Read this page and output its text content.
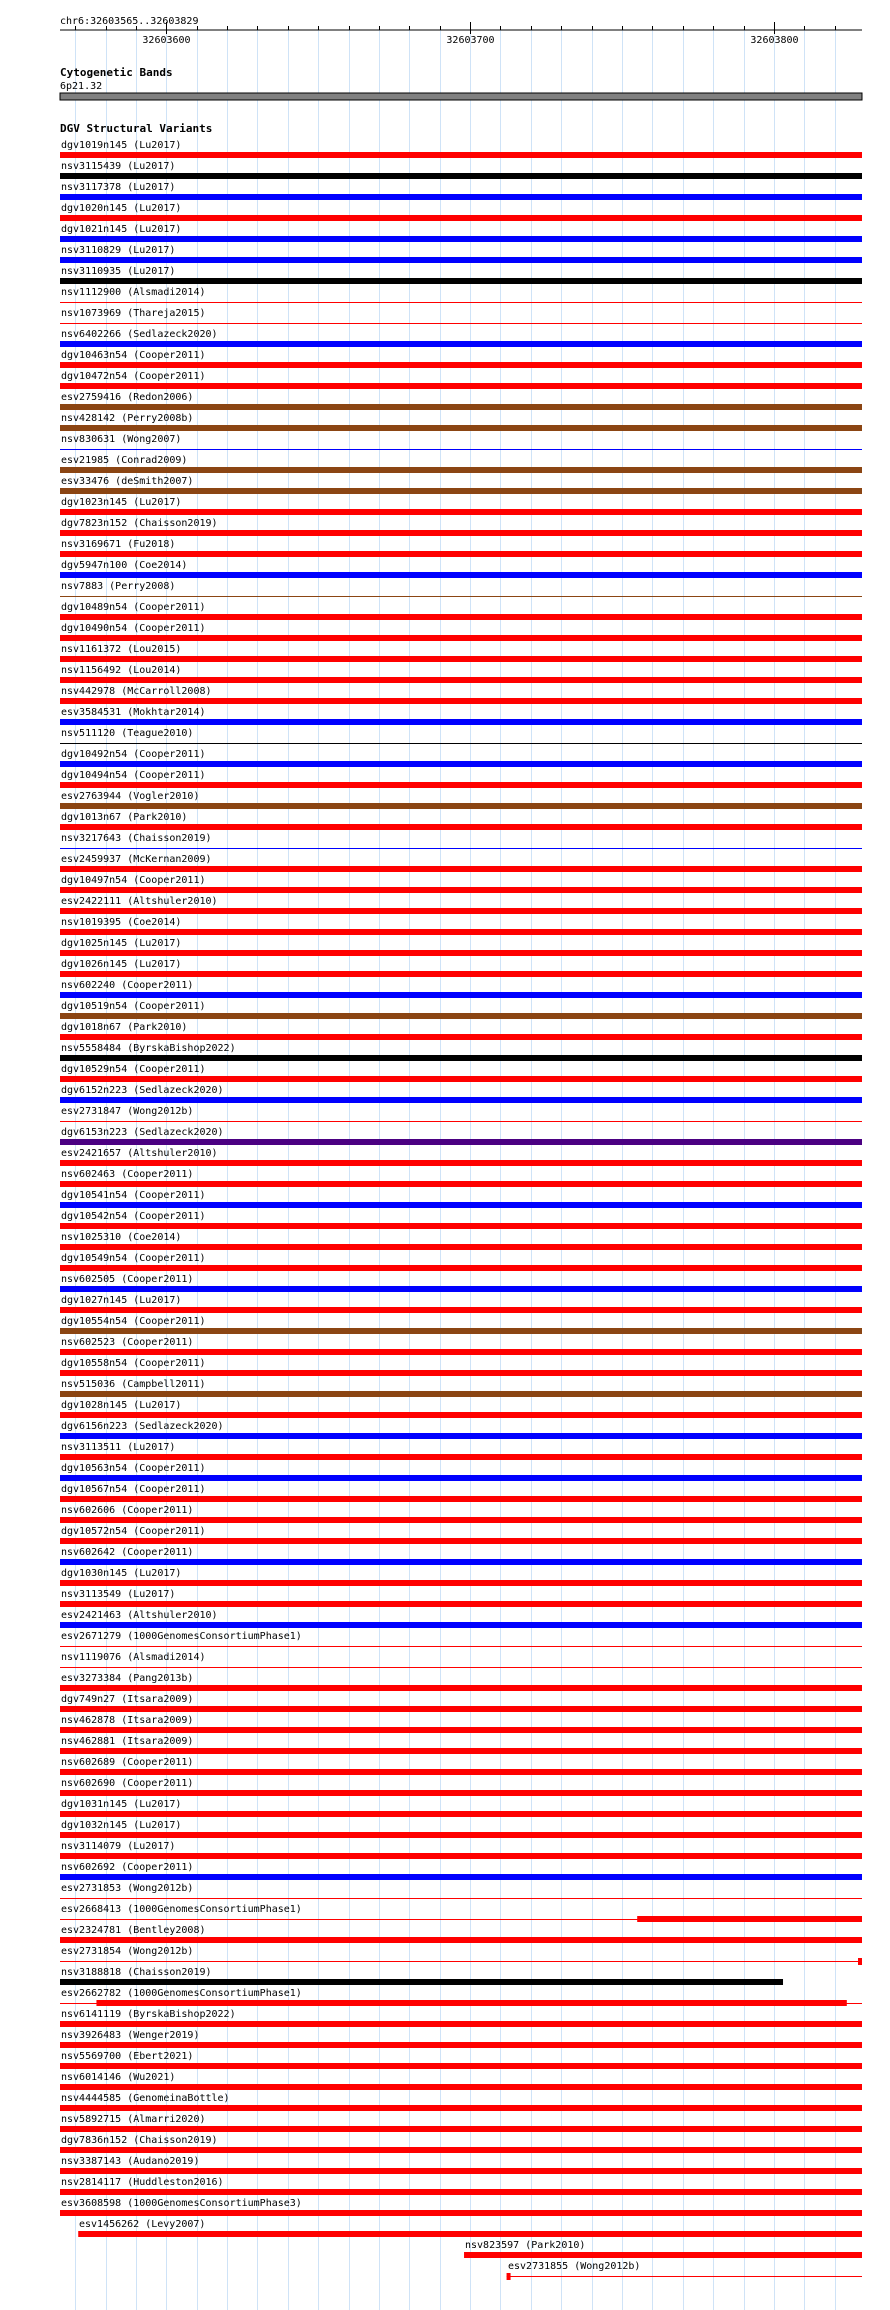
chr6:32603565..32603829
32603600	32603700	32603800
Cytogenetic Bands
6p21.32
DGV Structural Variants
dgv1019n145 (Lu2017)
nsv3115439 (Lu2017)
nsv3117378 (Lu2017)
dgv1020n145 (Lu2017)
dgv1021n145 (Lu2017)
nsv3110829 (Lu2017)
nsv3110935 (Lu2017)
nsv1112900 (Alsmadi2014)
nsv1073969 (Thareja2015)
nsv6402266 (Sedlazeck2020)
dgv10463n54 (Cooper2011)
dgv10472n54 (Cooper2011)
esv2759416 (Redon2006)
nsv428142 (Perry2008b)
nsv830631 (Wong2007)
esv21985 (Conrad2009)
esv33476 (deSmith2007)
dgv1023n145 (Lu2017)
dgv7823n152 (Chaisson2019)
nsv3169671 (Fu2018)
dgv5947n100 (Coe2014)
nsv7883 (Perry2008)
dgv10489n54 (Cooper2011)
dgv10490n54 (Cooper2011)
nsv1161372 (Lou2015)
nsv1156492 (Lou2014)
nsv442978 (McCarroll2008)
esv3584531 (Mokhtar2014)
nsv511120 (Teague2010)
dgv10492n54 (Cooper2011)
dgv10494n54 (Cooper2011)
esv2763944 (Vogler2010)
dgv1013n67 (Park2010)
nsv3217643 (Chaisson2019)
esv2459937 (McKernan2009)
dgv10497n54 (Cooper2011)
esv2422111 (Altshuler2010)
nsv1019395 (Coe2014)
dgv1025n145 (Lu2017)
dgv1026n145 (Lu2017)
nsv602240 (Cooper2011)
dgv10519n54 (Cooper2011)
dgv1018n67 (Park2010)
nsv5558484 (ByrskaBishop2022)
dgv10529n54 (Cooper2011)
dgv6152n223 (Sedlazeck2020)
esv2731847 (Wong2012b)
dgv6153n223 (Sedlazeck2020)
esv2421657 (Altshuler2010)
nsv602463 (Cooper2011)
dgv10541n54 (Cooper2011)
dgv10542n54 (Cooper2011)
nsv1025310 (Coe2014)
dgv10549n54 (Cooper2011)
nsv602505 (Cooper2011)
dgv1027n145 (Lu2017)
dgv10554n54 (Cooper2011)
nsv602523 (Cooper2011)
dgv10558n54 (Cooper2011)
nsv515036 (Campbell2011)
dgv1028n145 (Lu2017)
dgv6156n223 (Sedlazeck2020)
nsv3113511 (Lu2017)
dgv10563n54 (Cooper2011)
dgv10567n54 (Cooper2011)
nsv602606 (Cooper2011)
dgv10572n54 (Cooper2011)
nsv602642 (Cooper2011)
dgv1030n145 (Lu2017)
nsv3113549 (Lu2017)
esv2421463 (Altshuler2010)
esv2671279 (1000GenomesConsortiumPhase1)
nsv1119076 (Alsmadi2014)
esv3273384 (Pang2013b)
dgv749n27 (Itsara2009)
nsv462878 (Itsara2009)
nsv462881 (Itsara2009)
nsv602689 (Cooper2011)
nsv602690 (Cooper2011)
dgv1031n145 (Lu2017)
dgv1032n145 (Lu2017)
nsv3114079 (Lu2017)
nsv602692 (Cooper2011)
esv2731853 (Wong2012b)
esv2668413 (1000GenomesConsortiumPhase1)
esv2324781 (Bentley2008)
esv2731854 (Wong2012b)
nsv3188818 (Chaisson2019)
esv2662782 (1000GenomesConsortiumPhase1)
nsv6141119 (ByrskaBishop2022)
nsv3926483 (Wenger2019)
nsv5569700 (Ebert2021)
nsv6014146 (Wu2021)
nsv4444585 (GenomeinaBottle)
nsv5892715 (Almarri2020)
dgv7836n152 (Chaisson2019)
nsv3387143 (Audano2019)
nsv2814117 (Huddleston2016)
esv3608598 (1000GenomesConsortiumPhase3)
esv1456262 (Levy2007)
nsv823597 (Park2010)
esv2731855 (Wong2012b)
